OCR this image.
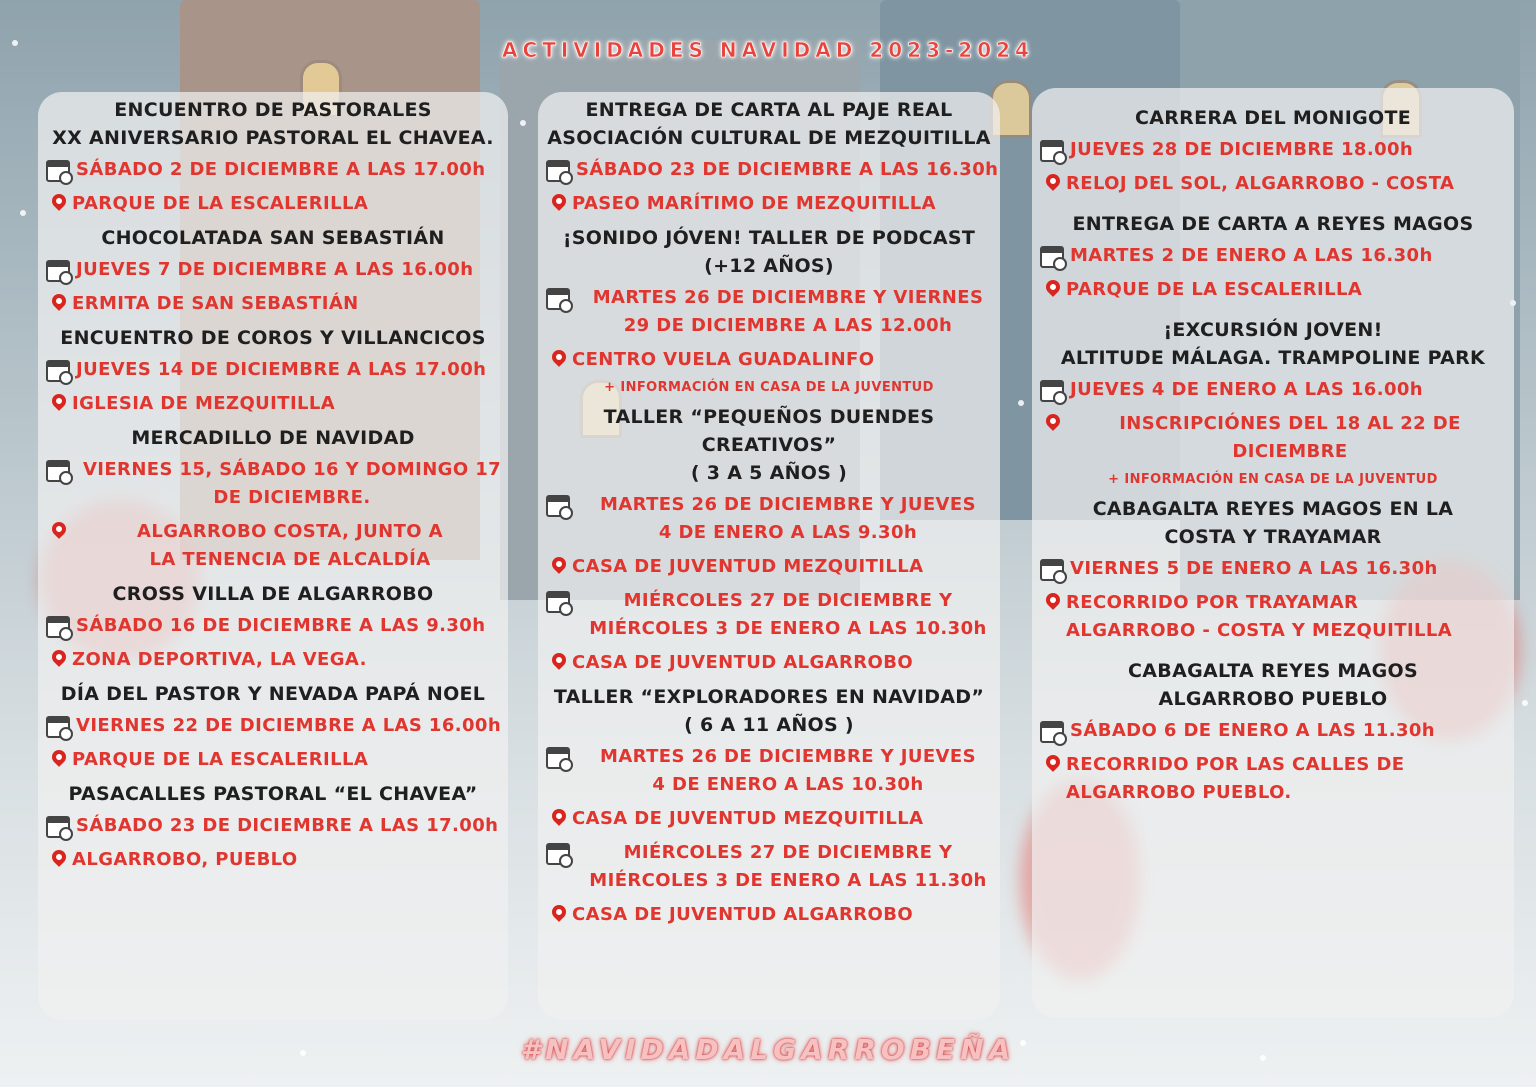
ACTIVIDADES NAVIDAD 2023-2024
ENCUENTRO DE PASTORALES
XX ANIVERSARIO PASTORAL EL CHAVEA.
SÁBADO 2 DE DICIEMBRE A LAS 17.00h
PARQUE DE LA ESCALERILLA
CHOCOLATADA SAN SEBASTIÁN
JUEVES 7 DE DICIEMBRE A LAS 16.00h
ERMITA DE SAN SEBASTIÁN
ENCUENTRO DE COROS Y VILLANCICOS
JUEVES 14 DE DICIEMBRE A LAS 17.00h
IGLESIA DE MEZQUITILLA
MERCADILLO DE NAVIDAD
VIERNES 15, SÁBADO 16 Y DOMINGO 17
DE DICIEMBRE.
ALGARROBO COSTA, JUNTO A
LA TENENCIA DE ALCALDÍA
CROSS VILLA DE ALGARROBO
SÁBADO 16 DE DICIEMBRE A LAS 9.30h
ZONA DEPORTIVA, LA VEGA.
DÍA DEL PASTOR Y NEVADA PAPÁ NOEL
VIERNES 22 DE DICIEMBRE A LAS 16.00h
PARQUE DE LA ESCALERILLA
PASACALLES PASTORAL “EL CHAVEA”
SÁBADO 23 DE DICIEMBRE A LAS 17.00h
ALGARROBO, PUEBLO
ENTREGA DE CARTA AL PAJE REAL
ASOCIACIÓN CULTURAL DE MEZQUITILLA
SÁBADO 23 DE DICIEMBRE A LAS 16.30h
PASEO MARÍTIMO DE MEZQUITILLA
¡SONIDO JÓVEN! TALLER DE PODCAST
(+12 AÑOS)
MARTES 26 DE DICIEMBRE Y VIERNES
29 DE DICIEMBRE A LAS 12.00h
CENTRO VUELA GUADALINFO
+ INFORMACIÓN EN CASA DE LA JUVENTUD
TALLER “PEQUEÑOS DUENDES CREATIVOS”
( 3 A 5 AÑOS )
MARTES 26 DE DICIEMBRE Y JUEVES
4 DE ENERO A LAS 9.30h
CASA DE JUVENTUD MEZQUITILLA
MIÉRCOLES 27 DE DICIEMBRE Y
MIÉRCOLES 3 DE ENERO A LAS 10.30h
CASA DE JUVENTUD ALGARROBO
TALLER “EXPLORADORES EN NAVIDAD”
( 6 A 11 AÑOS )
MARTES 26 DE DICIEMBRE Y JUEVES
4 DE ENERO A LAS 10.30h
CASA DE JUVENTUD MEZQUITILLA
MIÉRCOLES 27 DE DICIEMBRE Y
MIÉRCOLES 3 DE ENERO A LAS 11.30h
CASA DE JUVENTUD ALGARROBO
CARRERA DEL MONIGOTE
JUEVES 28 DE DICIEMBRE 18.00h
RELOJ DEL SOL, ALGARROBO - COSTA
ENTREGA DE CARTA A REYES MAGOS
MARTES 2 DE ENERO A LAS 16.30h
PARQUE DE LA ESCALERILLA
¡EXCURSIÓN JOVEN!
ALTITUDE MÁLAGA. TRAMPOLINE PARK
JUEVES 4 DE ENERO A LAS 16.00h
INSCRIPCIÓNES DEL 18 AL 22 DE
DICIEMBRE
+ INFORMACIÓN EN CASA DE LA JUVENTUD
CABAGALTA REYES MAGOS EN LA
COSTA Y TRAYAMAR
VIERNES 5 DE ENERO A LAS 16.30h
RECORRIDO POR TRAYAMAR
ALGARROBO - COSTA Y MEZQUITILLA
CABAGALTA REYES MAGOS
ALGARROBO PUEBLO
SÁBADO 6 DE ENERO A LAS 11.30h
RECORRIDO POR LAS CALLES DE
ALGARROBO PUEBLO.
#NAVIDADALGARROBEÑA
